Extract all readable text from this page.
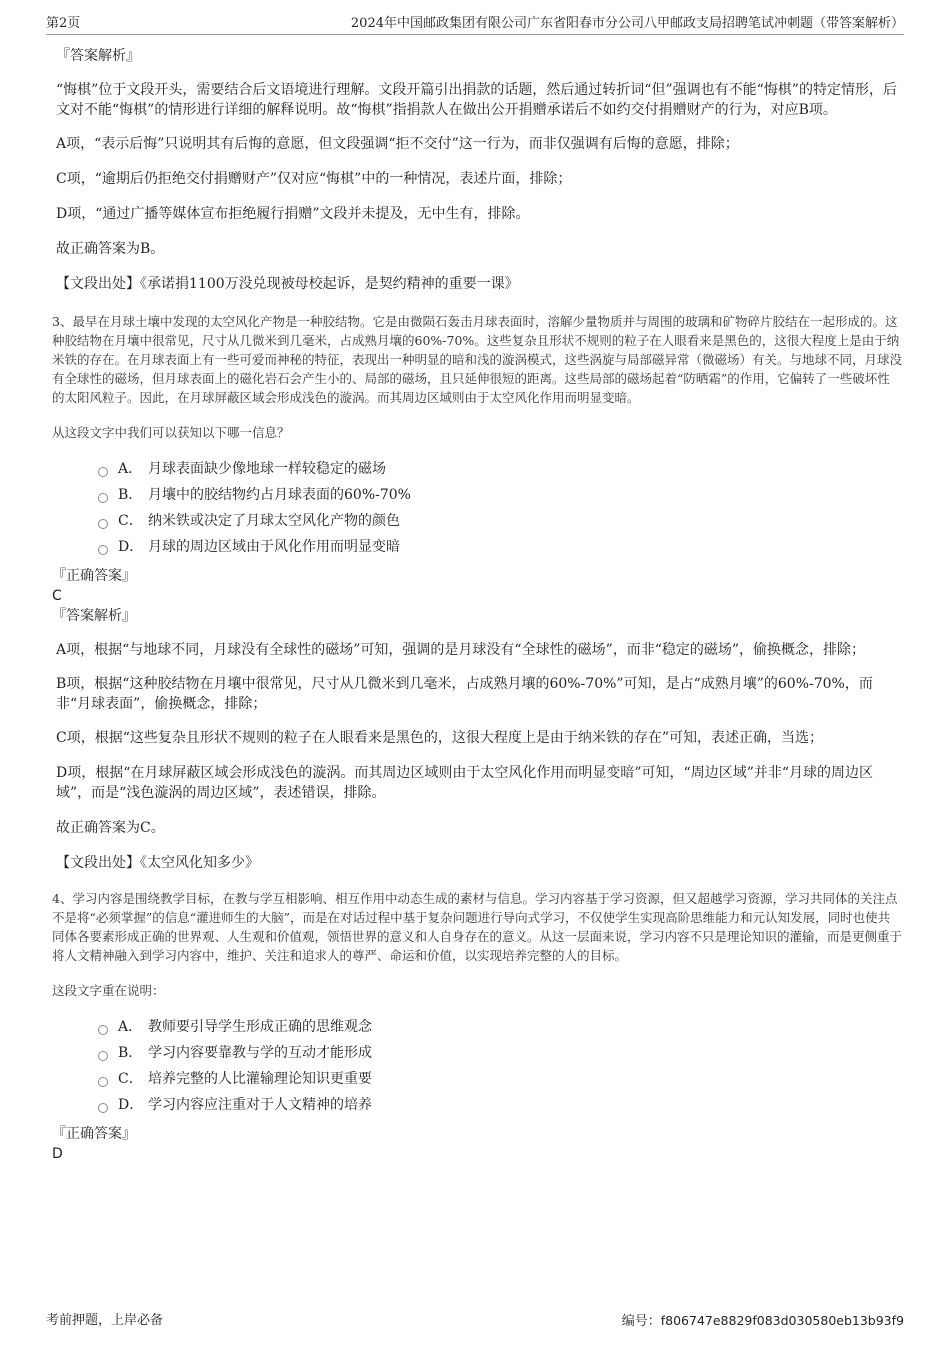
第2页	2024年中国邮政集团有限公司广东省阳春市分公司八甲邮政支局招聘笔试冲刺题（带答案解析）

『答案解析』

“悔棋”位于文段开头，需要结合后文语境进行理解。文段开篇引出捐款的话题，然后通过转折词“但”强调也有不能“悔棋”的特定情形，后文对不能“悔棋”的情形进行详细的解释说明。故“悔棋”指捐款人在做出公开捐赠承诺后不如约交付捐赠财产的行为，对应B项。

A项，“表示后悔”只说明其有后悔的意愿，但文段强调“拒不交付”这一行为，而非仅强调有后悔的意愿，排除；

C项，“逾期后仍拒绝交付捐赠财产”仅对应“悔棋”中的一种情况，表述片面，排除；

D项，“通过广播等媒体宣布拒绝履行捐赠”文段并未提及，无中生有，排除。

故正确答案为B。

【文段出处】《承诺捐1100万没兑现被母校起诉，是契约精神的重要一课》

3、最早在月球土壤中发现的太空风化产物是一种胶结物。它是由微陨石轰击月球表面时，溶解少量物质并与周围的玻璃和矿物碎片胶结在一起形成的。这种胶结物在月壤中很常见，尺寸从几微米到几毫米，占成熟月壤的60%-70%。这些复杂且形状不规则的粒子在人眼看来是黑色的，这很大程度上是由于纳米铁的存在。在月球表面上有一些可爱而神秘的特征，表现出一种明显的暗和浅的漩涡模式，这些涡旋与局部磁异常（微磁场）有关。与地球不同，月球没有全球性的磁场，但月球表面上的磁化岩石会产生小的、局部的磁场，且只延伸很短的距离。这些局部的磁场起着“防晒霜”的作用，它偏转了一些破坏性的太阳风粒子。因此，在月球屏蔽区域会形成浅色的漩涡。而其周边区域则由于太空风化作用而明显变暗。

从这段文字中我们可以获知以下哪一信息？

A． 月球表面缺少像地球一样较稳定的磁场
B． 月壤中的胶结物约占月球表面的60%-70%
C． 纳米铁或决定了月球太空风化产物的颜色
D． 月球的周边区域由于风化作用而明显变暗

『正确答案』

C

『答案解析』

A项，根据“与地球不同，月球没有全球性的磁场”可知，强调的是月球没有“全球性的磁场”，而非“稳定的磁场”，偷换概念，排除；

B项，根据“这种胶结物在月壤中很常见，尺寸从几微米到几毫米，占成熟月壤的60%-70%”可知，是占“成熟月壤”的60%-70%，而非“月球表面”，偷换概念，排除；

C项，根据“这些复杂且形状不规则的粒子在人眼看来是黑色的，这很大程度上是由于纳米铁的存在”可知，表述正确，当选；

D项，根据“在月球屏蔽区域会形成浅色的漩涡。而其周边区域则由于太空风化作用而明显变暗”可知，“周边区域”并非“月球的周边区域”，而是“浅色漩涡的周边区域”，表述错误，排除。

故正确答案为C。

【文段出处】《太空风化知多少》

4、学习内容是围绕教学目标，在教与学互相影响、相互作用中动态生成的素材与信息。学习内容基于学习资源，但又超越学习资源，学习共同体的关注点不是将“必须掌握”的信息“灌进师生的大脑”，而是在对话过程中基于复杂问题进行导向式学习，不仅使学生实现高阶思维能力和元认知发展，同时也使共同体各要素形成正确的世界观、人生观和价值观，领悟世界的意义和人自身存在的意义。从这一层面来说，学习内容不只是理论知识的灌输，而是更侧重于将人文精神融入到学习内容中，维护、关注和追求人的尊严、命运和价值，以实现培养完整的人的目标。

这段文字重在说明：

A． 教师要引导学生形成正确的思维观念
B． 学习内容要靠教与学的互动才能形成
C． 培养完整的人比灌输理论知识更重要
D． 学习内容应注重对于人文精神的培养

『正确答案』

D

考前押题，上岸必备	编号：f806747e8829f083d030580eb13b93f9
